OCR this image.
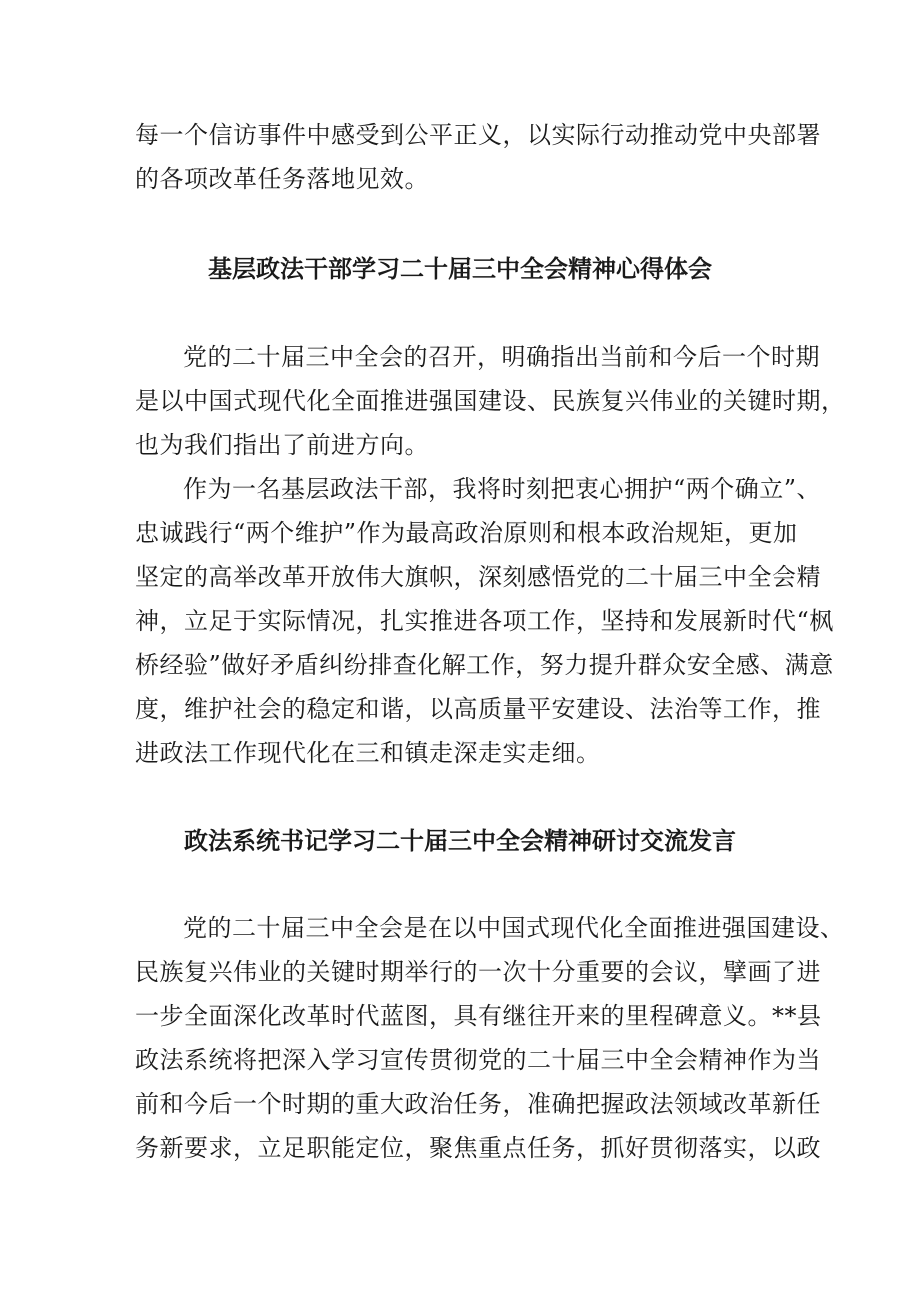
每一个信访事件中感受到公平正义，以实际行动推动党中央部署
的各项改革任务落地见效。
基层政法干部学习二十届三中全会精神心得体会
党的二十届三中全会的召开，明确指出当前和今后一个时期
是以中国式现代化全面推进强国建设、民族复兴伟业的关键时期，
也为我们指出了前进方向。
作为一名基层政法干部，我将时刻把衷心拥护“两个确立”、
忠诚践行“两个维护”作为最高政治原则和根本政治规矩，更加
坚定的高举改革开放伟大旗帜，深刻感悟党的二十届三中全会精
神，立足于实际情况，扎实推进各项工作，坚持和发展新时代“枫
桥经验”做好矛盾纠纷排查化解工作，努力提升群众安全感、满意
度，维护社会的稳定和谐，以高质量平安建设、法治等工作，推
进政法工作现代化在三和镇走深走实走细。
政法系统书记学习二十届三中全会精神研讨交流发言
党的二十届三中全会是在以中国式现代化全面推进强国建设、
民族复兴伟业的关键时期举行的一次十分重要的会议，擘画了进
一步全面深化改革时代蓝图，具有继往开来的里程碑意义。**县
政法系统将把深入学习宣传贯彻党的二十届三中全会精神作为当
前和今后一个时期的重大政治任务，准确把握政法领域改革新任
务新要求，立足职能定位，聚焦重点任务，抓好贯彻落实，以政
